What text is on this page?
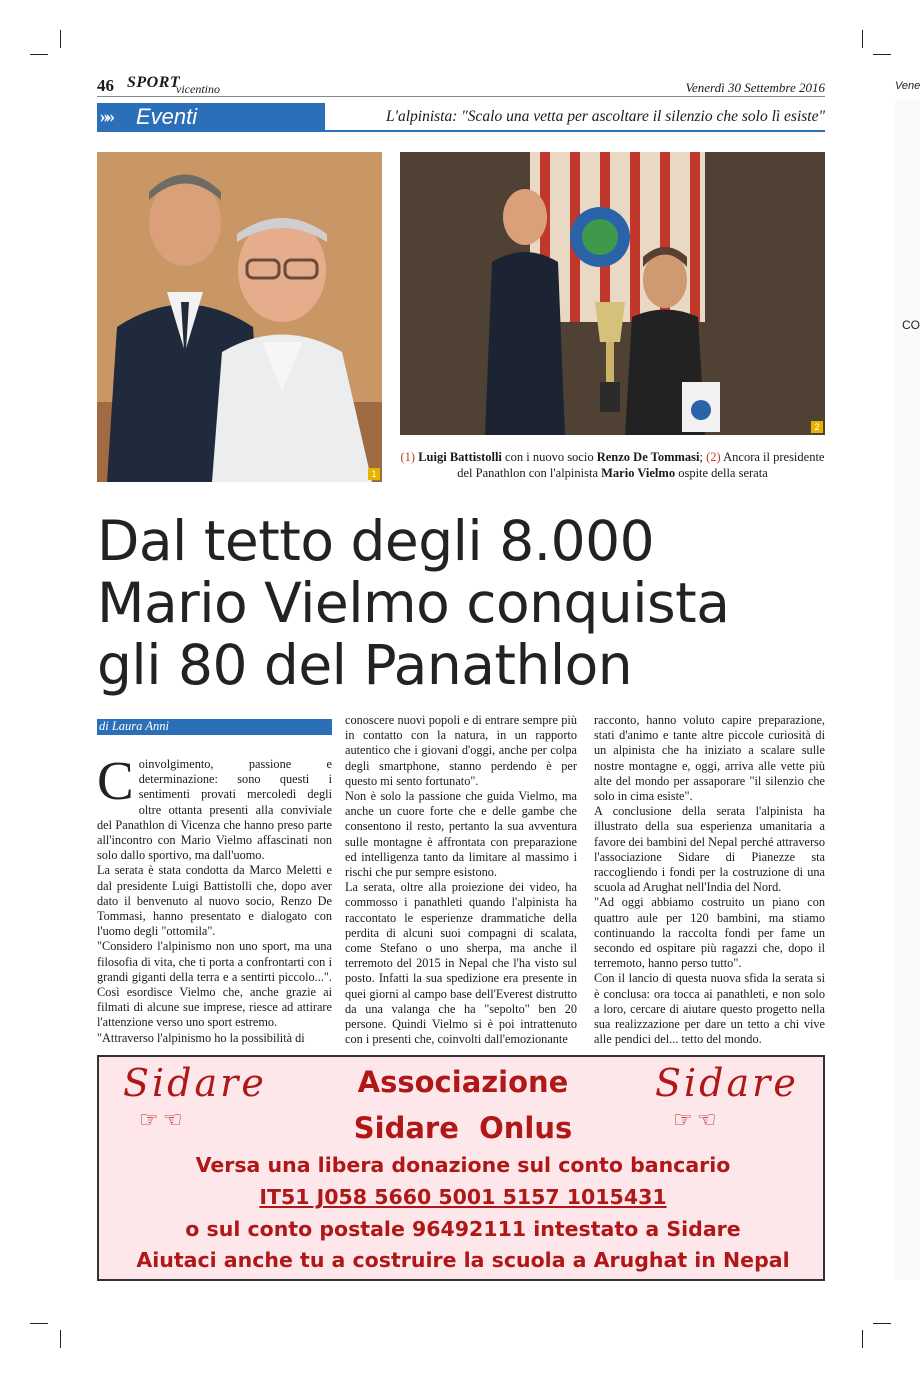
Vene
CO
46 SPORT
vicentino	Venerdì 30 Settembre 2016
»» Eventi	L'alpinista: "Scalo una vetta per ascoltare il silenzio che solo lì esiste"
1
2
(1) Luigi Battistolli con i nuovo socio Renzo De Tommasi; (2) Ancora il presidente del Panathlon con l'alpinista Mario Vielmo ospite della serata
Dal tetto degli 8.000
Mario Vielmo conquista
gli 80 del Panathlon
di Laura Anni

Coinvolgimento, passione e determinazione: sono questi i sentimenti provati mercoledì degli oltre ottanta presenti alla conviviale del Panathlon di Vicenza che hanno preso parte all'incontro con Mario Vielmo affascinati non solo dallo sportivo, ma dall'uomo.

La serata è stata condotta da Marco Meletti e dal presidente Luigi Battistolli che, dopo aver dato il benvenuto al nuovo socio, Renzo De Tommasi, hanno presentato e dialogato con l'uomo degli "ottomila".

"Considero l'alpinismo non uno sport, ma una filosofia di vita, che ti porta a confrontarti con i grandi giganti della terra e a sentirti piccolo...". Così esordisce Vielmo che, anche grazie ai filmati di alcune sue imprese, riesce ad attirare l'attenzione verso uno sport estremo.

"Attraverso l'alpinismo ho la possibilità di

conoscere nuovi popoli e di entrare sempre più in contatto con la natura, in un rapporto autentico che i giovani d'oggi, anche per colpa degli smartphone, stanno perdendo è per questo mi sento fortunato".

Non è solo la passione che guida Vielmo, ma anche un cuore forte che e delle gambe che consentono il resto, pertanto la sua avventura sulle montagne è affrontata con preparazione ed intelligenza tanto da limitare al massimo i rischi che pur sempre esistono.

La serata, oltre alla proiezione dei video, ha commosso i panathleti quando l'alpinista ha raccontato le esperienze drammatiche della perdita di alcuni suoi compagni di scalata, come Stefano o uno sherpa, ma anche il terremoto del 2015 in Nepal che l'ha visto sul posto. Infatti la sua spedizione era presente in quei giorni al campo base dell'Everest distrutto da una valanga che ha "sepolto" ben 20 persone. Quindi Vielmo si è poi intrattenuto con i presenti che, coinvolti dall'emozionante

racconto, hanno voluto capire preparazione, stati d'animo e tante altre piccole curiosità di un alpinista che ha iniziato a scalare sulle nostre montagne e, oggi, arriva alle vette più alte del mondo per assaporare "il silenzio che solo in cima esiste".

A conclusione della serata l'alpinista ha illustrato della sua esperienza umanitaria a favore dei bambini del Nepal perché attraverso l'associazione Sidare di Pianezze sta raccogliendo i fondi per la costruzione di una scuola ad Arughat nell'India del Nord.

"Ad oggi abbiamo costruito un piano con quattro aule per 120 bambini, ma stiamo continuando la raccolta fondi per fame un secondo ed ospitare più ragazzi che, dopo il terremoto, hanno perso tutto".

Con il lancio di questa nuova sfida la serata si è conclusa: ora tocca ai panathleti, e non solo a loro, cercare di aiutare questo progetto nella sua realizzazione per dare un tetto a chi vive alle pendici del... tetto del mondo.

Sidare
☞☜
Sidare
☞☜
Associazione
Sidare  Onlus
Versa una libera donazione sul conto bancario
IT51 J058 5660 5001 5157 1015431
o sul conto postale 96492111 intestato a Sidare
Aiutaci anche tu a costruire la scuola a Arughat in Nepal
